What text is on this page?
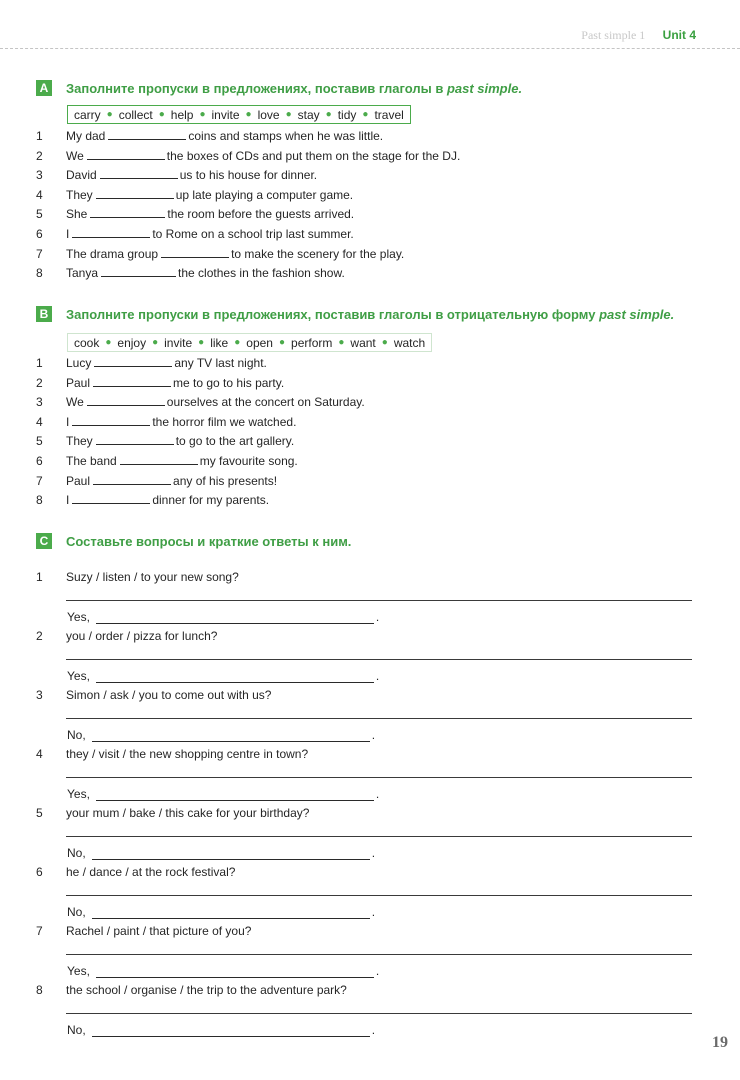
Past simple 1 Unit 4
A Заполните пропуски в предложениях, поставив глаголы в past simple.
carry ● collect ● help ● invite ● love ● stay ● tidy ● travel
1	My dad	coins and stamps when he was little.
2	We	the boxes of CDs and put them on the stage for the DJ.
3	David	us to his house for dinner.
4	They	up late playing a computer game.
5	She	the room before the guests arrived.
6	I	to Rome on a school trip last summer.
7	The drama group	to make the scenery for the play.
8	Tanya	the clothes in the fashion show.
B Заполните пропуски в предложениях, поставив глаголы в отрицательную форму past simple.
cook ● enjoy ● invite ● like ● open ● perform ● want ● watch
1	Lucy	any TV last night.
2	Paul	me to go to his party.
3	We	ourselves at the concert on Saturday.
4	I	the horror film we watched.
5	They	to go to the art gallery.
6	The band	my favourite song.
7	Paul	any of his presents!
8	I	dinner for my parents.
C Составьте вопросы и краткие ответы к ним.
1 Suzy / listen / to your new song?
Yes,	.
2 you / order / pizza for lunch?
Yes,	.
3 Simon / ask / you to come out with us?
No,	.
4 they / visit / the new shopping centre in town?
Yes,	.
5 your mum / bake / this cake for your birthday?
No,	.
6 he / dance / at the rock festival?
No,	.
7 Rachel / paint / that picture of you?
Yes,	.
8 the school / organise / the trip to the adventure park?
No,	.
19
